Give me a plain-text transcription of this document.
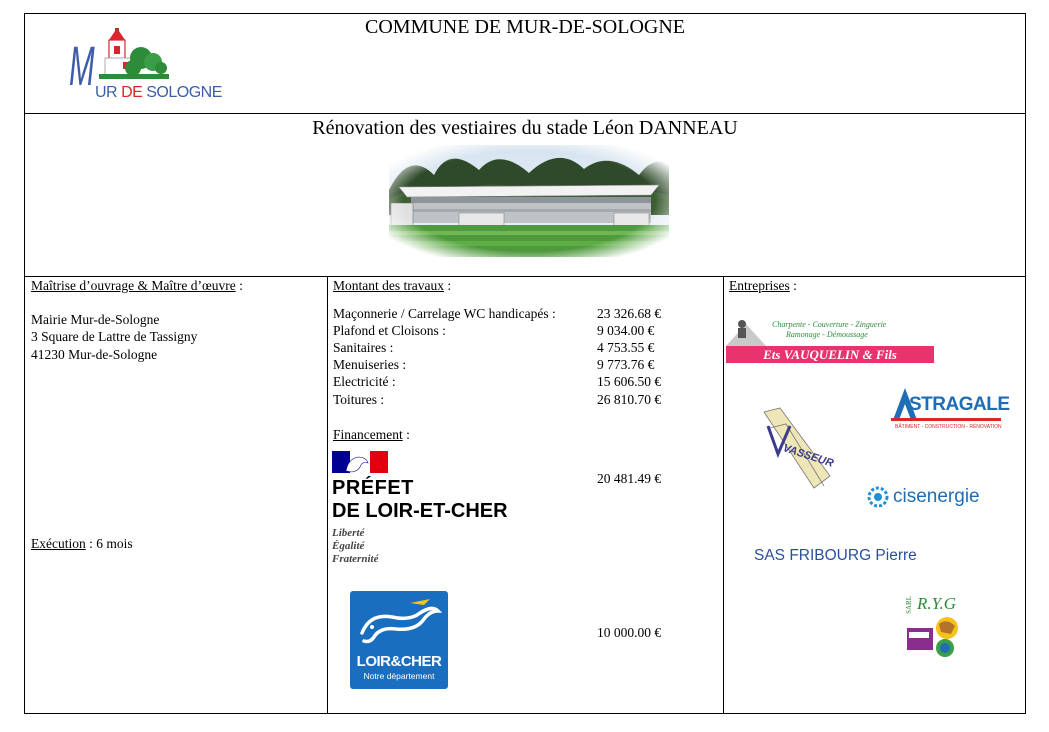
COMMUNE DE MUR-DE-SOLOGNE
M UR DE SOLOGNE
Rénovation des vestiaires du stade Léon DANNEAU
Maîtrise d’ouvrage & Maître d’œuvre :
Mairie Mur-de-Sologne
3 Square de Lattre de Tassigny
41230 Mur-de-Sologne
Exécution : 6 mois
Montant des travaux :
Maçonnerie / Carrelage WC handicapés :	23 326.68 €
Plafond et Cloisons :	9 034.00 €
Sanitaires :	4 753.55 €
Menuiseries :	9 773.76 €
Electricité :	15 606.50 €
Toitures :	26 810.70 €
Financement :
PRÉFET
DE LOIR-ET-CHER
Liberté
Égalité
Fraternité
20 481.49 €
LOIR&CHER
Notre département
10 000.00 €
Entreprises :
Charpente - Couverture - Zinguerie
Ramonage - Démoussage
Ets VAUQUELIN & Fils
STRAGALE
BÂTIMENT - CONSTRUCTION - RÉNOVATION
VASSEUR
cisenergie
SAS FRIBOURG Pierre
SARL R.Y.G
